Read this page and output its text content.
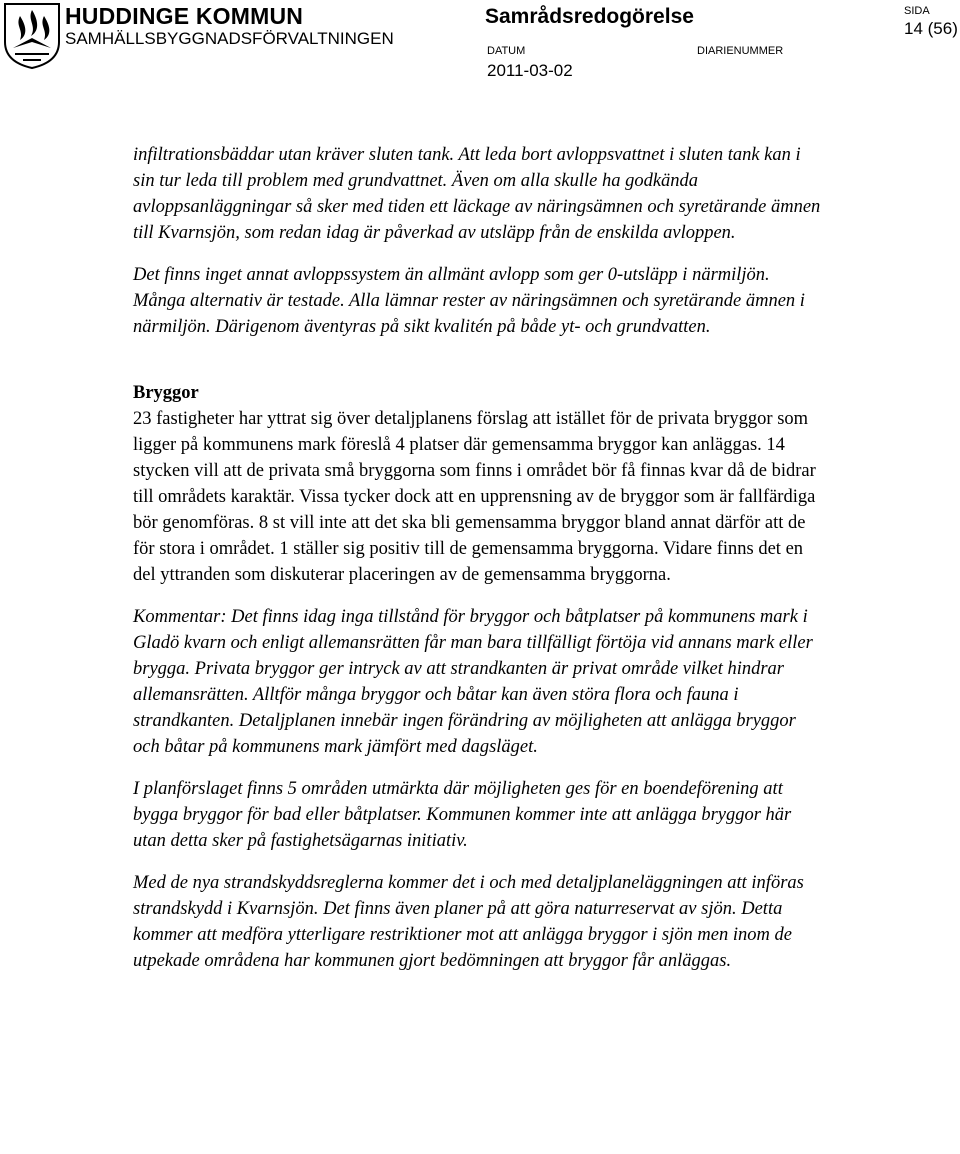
HUDDINGE KOMMUN
SAMHÄLLSBYGGNADSFÖRVALTNINGEN
Samrådsredogörelse
DATUM	DIARIENUMMER
SIDA
2011-03-02
14 (56)

infiltrationsbäddar utan kräver sluten tank. Att leda bort avloppsvattnet i sluten tank kan i sin tur leda till problem med grundvattnet. Även om alla skulle ha godkända avloppsanläggningar så sker med tiden ett läckage av näringsämnen och syretärande ämnen till Kvarnsjön, som redan idag är påverkad av utsläpp från de enskilda avloppen.

Det finns inget annat avloppssystem än allmänt avlopp som ger 0-utsläpp i närmiljön. Många alternativ är testade. Alla lämnar rester av näringsämnen och syretärande ämnen i närmiljön. Därigenom äventyras på sikt kvalitén på både yt- och grundvatten.

Bryggor

23 fastigheter har yttrat sig över detaljplanens förslag att istället för de privata bryggor som ligger på kommunens mark föreslå 4 platser där gemensamma bryggor kan anläggas. 14 stycken vill att de privata små bryggorna som finns i området bör få finnas kvar då de bidrar till områdets karaktär. Vissa tycker dock att en upprensning av de bryggor som är fallfärdiga bör genomföras. 8 st vill inte att det ska bli gemensamma bryggor bland annat därför att de för stora i området. 1 ställer sig positiv till de gemensamma bryggorna. Vidare finns det en del yttranden som diskuterar placeringen av de gemensamma bryggorna.

Kommentar: Det finns idag inga tillstånd för bryggor och båtplatser på kommunens mark i Gladö kvarn och enligt allemansrätten får man bara tillfälligt förtöja vid annans mark eller brygga. Privata bryggor ger intryck av att strandkanten är privat område vilket hindrar allemansrätten. Alltför många bryggor och båtar kan även störa flora och fauna i strandkanten. Detaljplanen innebär ingen förändring av möjligheten att anlägga bryggor och båtar på kommunens mark jämfört med dagsläget.

I planförslaget finns 5 områden utmärkta där möjligheten ges för en boendeförening att bygga bryggor för bad eller båtplatser. Kommunen kommer inte att anlägga bryggor här utan detta sker på fastighetsägarnas initiativ.

Med de nya strandskyddsreglerna kommer det i och med detaljplaneläggningen att införas strandskydd i Kvarnsjön. Det finns även planer på att göra naturreservat av sjön. Detta kommer att medföra ytterligare restriktioner mot att anlägga bryggor i sjön men inom de utpekade områdena har kommunen gjort bedömningen att bryggor får anläggas.
